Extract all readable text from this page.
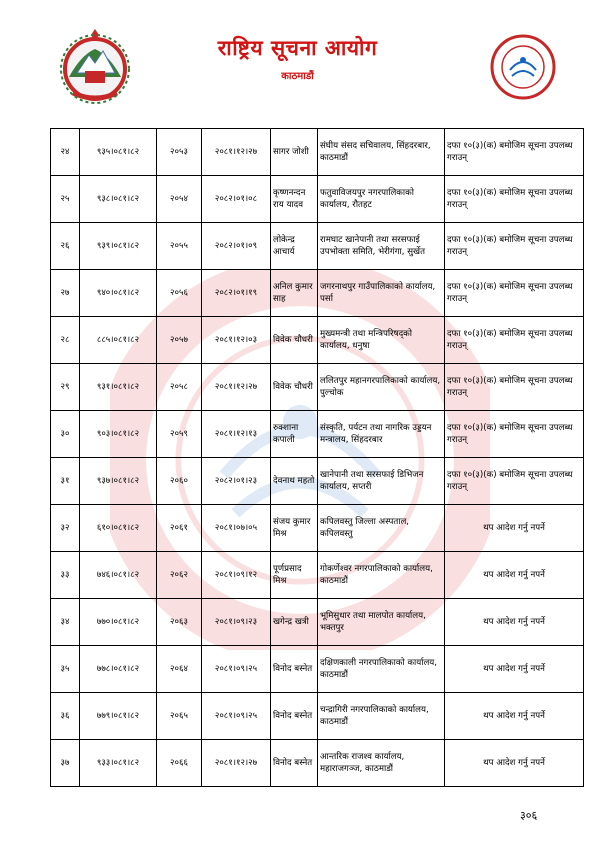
राष्ट्रिय सूचना आयोग
काठमाडौं
२४	९३५।०८१।८२	२०५३	२०८१।१२।२७	सागर जोशी	संघीय संसद सचिवालय, सिंहदरबार, काठमाडौं	दफा १०(३)(क) बमोजिम सूचना उपलब्ध गराउन्
२५	९३८।०८१।८२	२०५४	२०८२।०१।०८	कृष्णनन्दन राय यादव	फतुवाविजयपुर नगरपालिकाको कार्यालय, रौतहट	दफा १०(३)(क) बमोजिम सूचना उपलब्ध गराउन्
२६	९३९।०८१।८२	२०५५	२०८२।०१।०९	लोकेन्द्र आचार्य	रामघाट खानेपानी तथा सरसफाई उपभोक्ता समिति, भेरीगंगा, सुर्खेत	दफा १०(३)(क) बमोजिम सूचना उपलब्ध गराउन्
२७	९४०।०८१।८२	२०५६	२०८२।०१।१९	अनिल कुमार साह	जगरनाथपुर गाउँपालिकाको कार्यालय, पर्सा	दफा १०(३)(क) बमोजिम सूचना उपलब्ध गराउन्
२८	८८५।०८१।८२	२०५७	२०८१।१२।०३	विवेक चौधरी	मुख्यमन्त्री तथा मन्त्रिपरिषद्को कार्यालय, धनुषा	दफा १०(३)(क) बमोजिम सूचना उपलब्ध गराउन्
२९	९३१।०८१।८२	२०५८	२०८१।१२।२७	विवेक चौधरी	ललितपुर महानगरपालिकाको कार्यालय, पुल्चोक	दफा १०(३)(क) बमोजिम सूचना उपलब्ध गराउन्
३०	९०३।०८१।८२	२०५९	२०८१।१२।१३	रुक्शाना कपाली	संस्कृति, पर्यटन तथा नागरिक उड्डयन मन्त्रालय, सिंहदरबार	दफा १०(३)(क) बमोजिम सूचना उपलब्ध गराउन्
३१	९३७।०८१।८२	२०६०	२०८२।०१।२३	देवनाथ महतो	खानेपानी तथा सरसफाई डिभिजन कार्यालय, सप्तरी	दफा १०(३)(क) बमोजिम सूचना उपलब्ध गराउन्
३२	६१०।०८१।८२	२०६१	२०८१।०७।०५	संजय कुमार मिश्र	कपिलवस्तु जिल्ला अस्पताल, कपिलवस्तु	थप आदेश गर्नु नपर्ने
३३	७४६।०८१।८२	२०६२	२०८१।०९।१२	पूर्णप्रसाद मिश्र	गोकर्णेश्वर नगरपालिकाको कार्यालय, काठमाडौं	थप आदेश गर्नु नपर्ने
३४	७७०।०८१।८२	२०६३	२०८१।०९।२३	खगेन्द्र खत्री	भूमिसुधार तथा मालपोत कार्यालय, भक्तपुर	थप आदेश गर्नु नपर्ने
३५	७७८।०८१।८२	२०६४	२०८१।०९।२५	विनोद बस्नेत	दक्षिणकाली नगरपालिकाको कार्यालय, काठमाडौं	थप आदेश गर्नु नपर्ने
३६	७७९।०८१।८२	२०६५	२०८१।०९।२५	विनोद बस्नेत	चन्द्रागिरी नगरपालिकाको कार्यालय, काठमाडौं	थप आदेश गर्नु नपर्ने
३७	९३३।०८१।८२	२०६६	२०८१।१२।२७	विनोद बस्नेत	आन्तरिक राजश्व कार्यालय, महाराजगञ्ज, काठमाडौं	थप आदेश गर्नु नपर्ने
३०६
